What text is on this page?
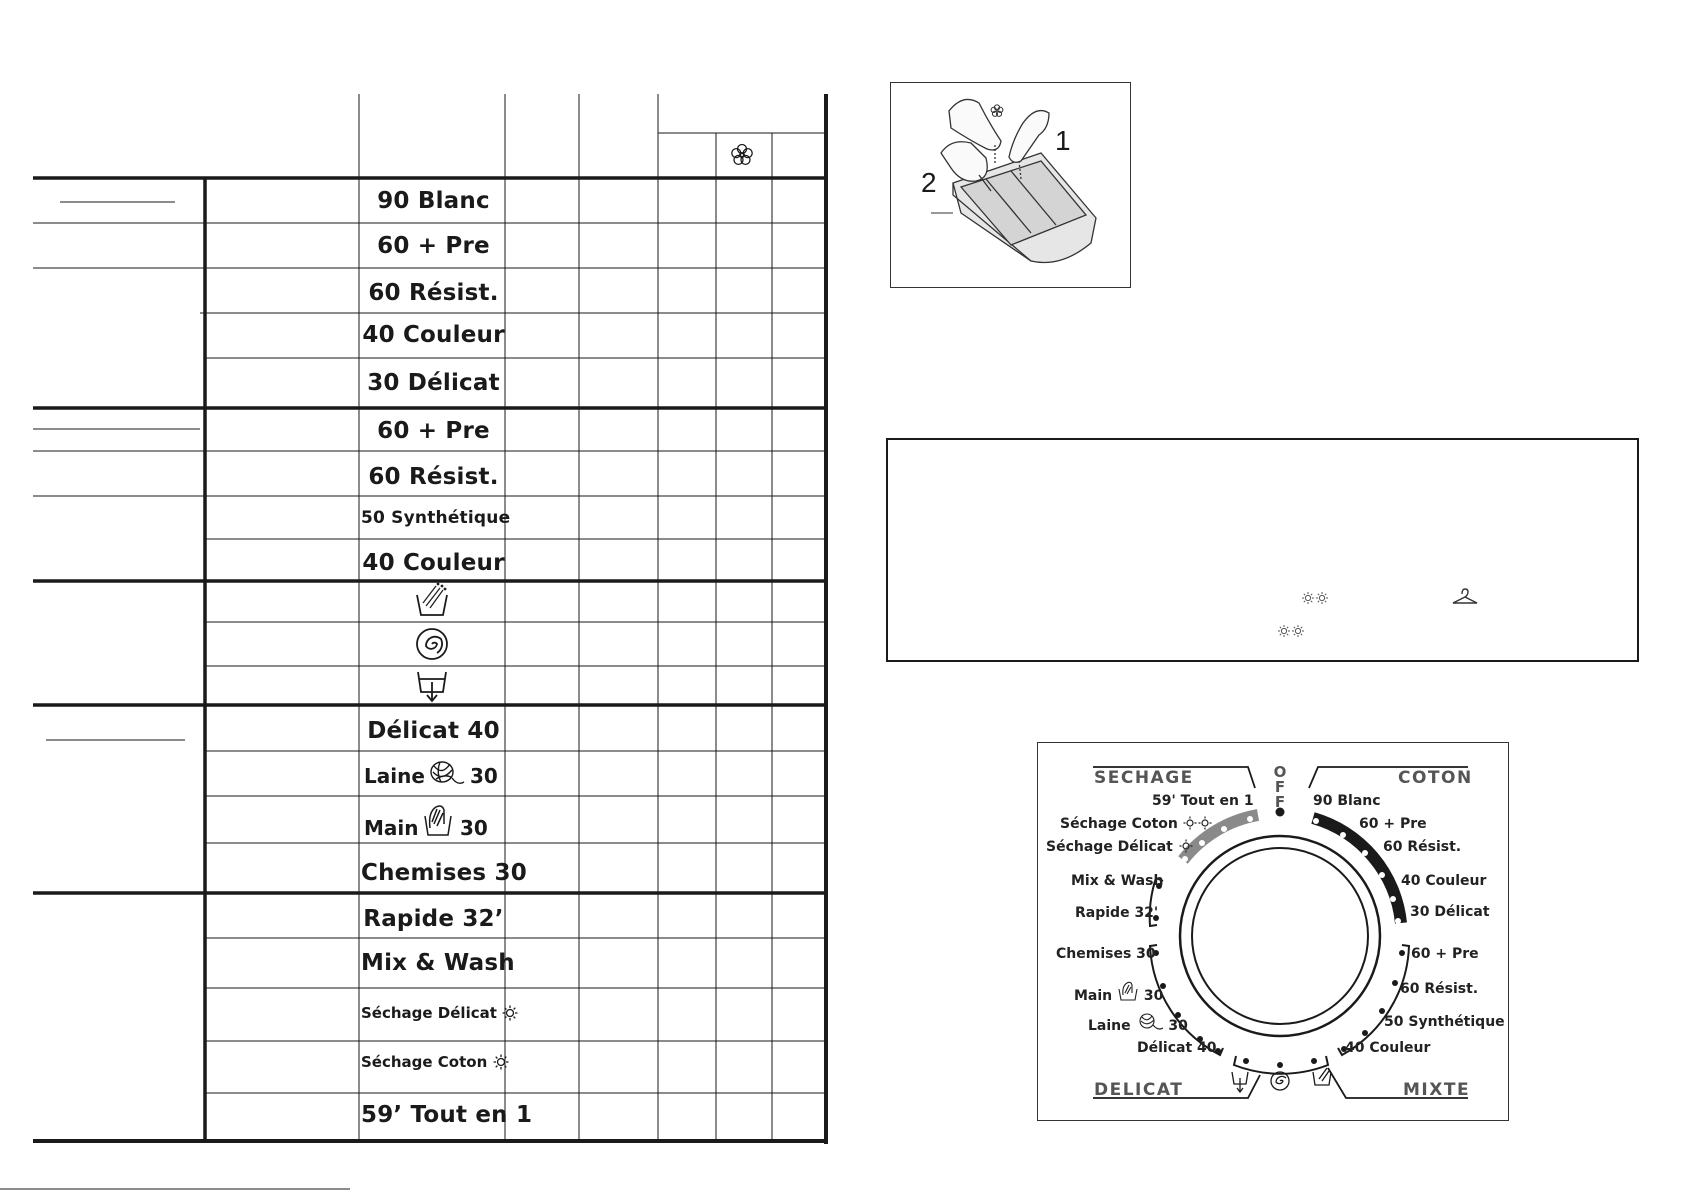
90 Blanc
60 + Pre
60 Résist.
40 Couleur
30 Délicat
60 + Pre
60 Résist.
50 Synthétique
40 Couleur
Délicat 40
Laine 30
Main 30
Chemises 30
Rapide 32’
Mix & Wash
Séchage Délicat
Séchage Coton
59’ Tout en 1
1
2
O
F
F
SECHAGE	COTON
DELICAT	MIXTE
59' Tout en 1
Séchage Coton
Séchage Délicat
Mix & Wash
Rapide 32'
Chemises 30
Main 30
Laine	30
Délicat 40
90 Blanc
60 + Pre
60 Résist.
40 Couleur
30 Délicat
60 + Pre
60 Résist.
50 Synthétique
40 Couleur
